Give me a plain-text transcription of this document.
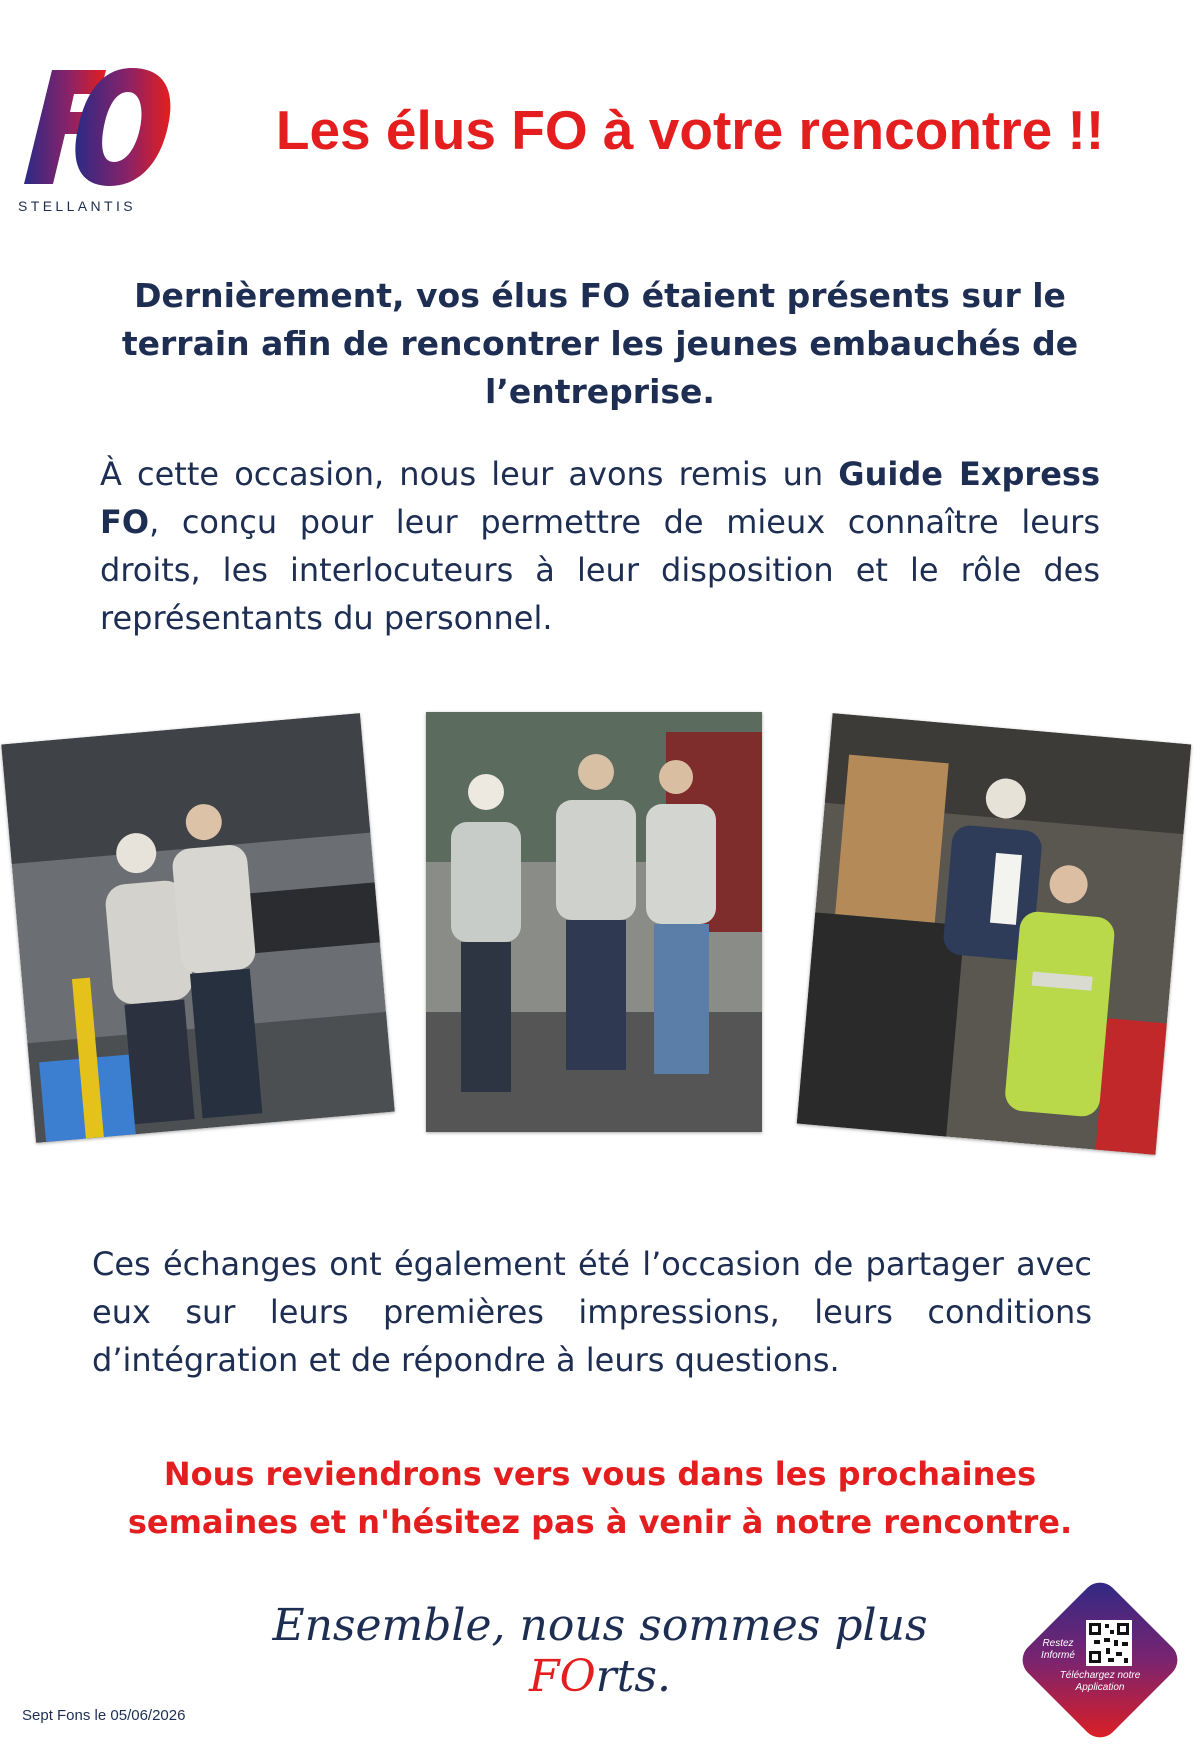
STELLANTIS
Les élus FO à votre rencontre !!
Dernièrement, vos élus FO étaient présents sur le terrain afin de rencontrer les jeunes embauchés de l’entreprise.
À cette occasion, nous leur avons remis un Guide Express FO, conçu pour leur permettre de mieux connaître leurs droits, les interlocuteurs à leur disposition et le rôle des représentants du personnel.
Ces échanges ont également été l’occasion de partager avec eux sur leurs premières impressions, leurs conditions d’intégration et de répondre à leurs questions.
Nous reviendrons vers vous dans les prochaines semaines et n'hésitez pas à venir à notre rencontre.
Ensemble, nous sommes plus FOrts.
Sept Fons le 05/06/2026
Restez Informé
Téléchargez notre Application
